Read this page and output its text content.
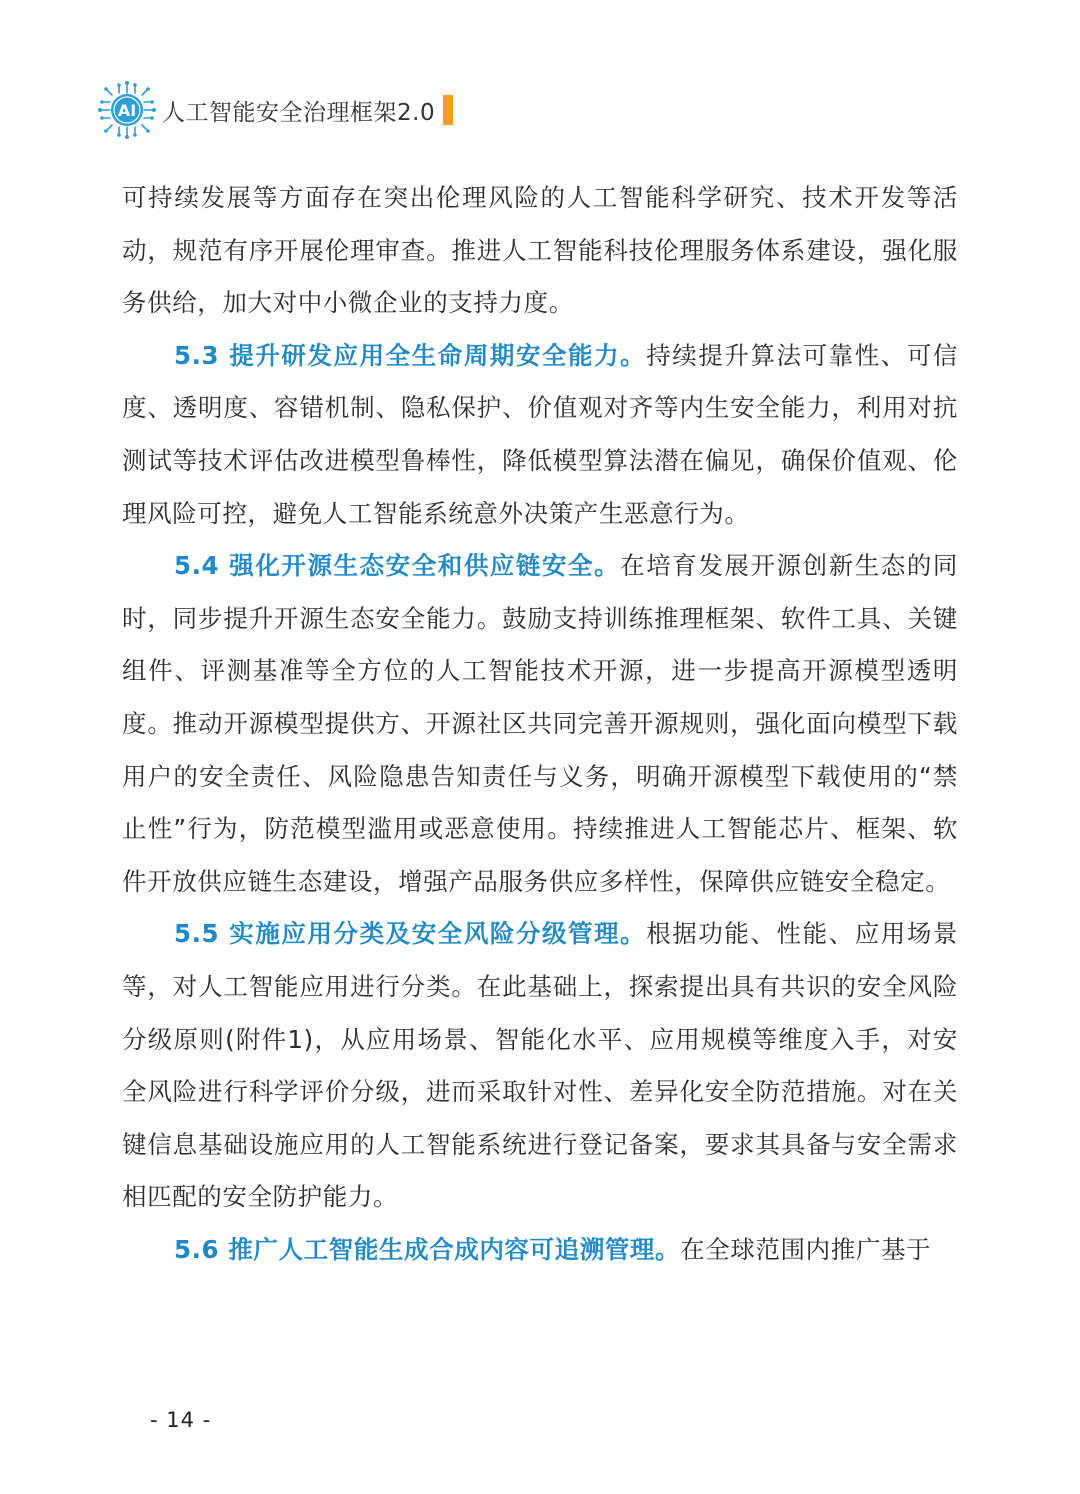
AI 人工智能安全治理框架2.0

可持续发展等方面存在突出伦理风险的人工智能科学研究、技术开发等活动，规范有序开展伦理审查。推进人工智能科技伦理服务体系建设，强化服务供给，加大对中小微企业的支持力度。

5.3 提升研发应用全生命周期安全能力。持续提升算法可靠性、可信度、透明度、容错机制、隐私保护、价值观对齐等内生安全能力，利用对抗测试等技术评估改进模型鲁棒性，降低模型算法潜在偏见，确保价值观、伦理风险可控，避免人工智能系统意外决策产生恶意行为。

5.4 强化开源生态安全和供应链安全。在培育发展开源创新生态的同时，同步提升开源生态安全能力。鼓励支持训练推理框架、软件工具、关键组件、评测基准等全方位的人工智能技术开源，进一步提高开源模型透明度。推动开源模型提供方、开源社区共同完善开源规则，强化面向模型下载用户的安全责任、风险隐患告知责任与义务，明确开源模型下载使用的“禁止性”行为，防范模型滥用或恶意使用。持续推进人工智能芯片、框架、软件开放供应链生态建设，增强产品服务供应多样性，保障供应链安全稳定。

5.5 实施应用分类及安全风险分级管理。根据功能、性能、应用场景等，对人工智能应用进行分类。在此基础上，探索提出具有共识的安全风险分级原则(附件1)，从应用场景、智能化水平、应用规模等维度入手，对安全风险进行科学评价分级，进而采取针对性、差异化安全防范措施。对在关键信息基础设施应用的人工智能系统进行登记备案，要求其具备与安全需求相匹配的安全防护能力。

5.6 推广人工智能生成合成内容可追溯管理。在全球范围内推广基于

- 14 -
